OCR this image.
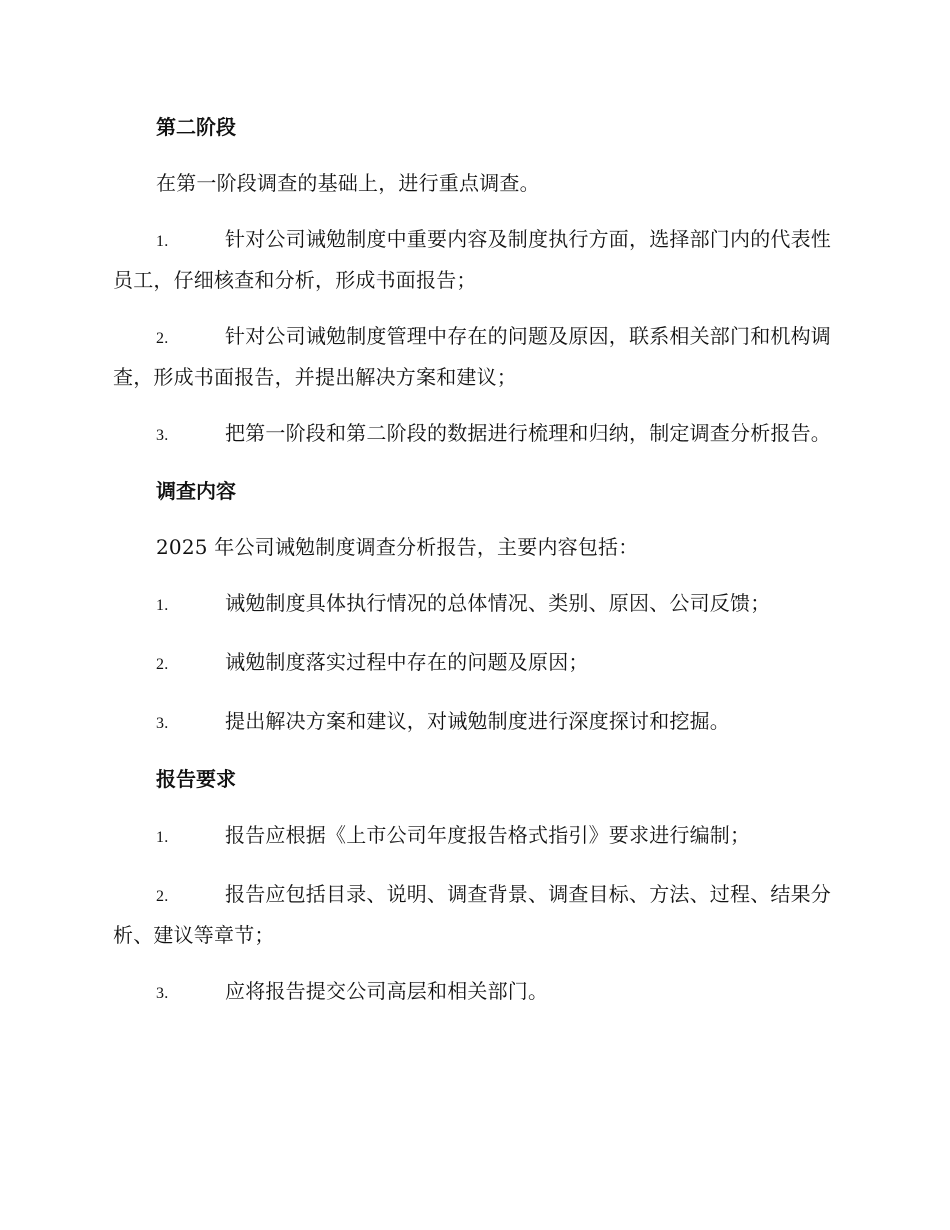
第二阶段
在第一阶段调查的基础上，进行重点调查。
1.	针对公司诫勉制度中重要内容及制度执行方面，选择部门内的代表性员工，仔细核查和分析，形成书面报告；
2.	针对公司诫勉制度管理中存在的问题及原因，联系相关部门和机构调查，形成书面报告，并提出解决方案和建议；
3.	把第一阶段和第二阶段的数据进行梳理和归纳，制定调查分析报告。
调查内容
2025 年公司诫勉制度调查分析报告，主要内容包括：
1.	诫勉制度具体执行情况的总体情况、类别、原因、公司反馈；
2.	诫勉制度落实过程中存在的问题及原因；
3.	提出解决方案和建议，对诫勉制度进行深度探讨和挖掘。
报告要求
1.	报告应根据《上市公司年度报告格式指引》要求进行编制；
2.	报告应包括目录、说明、调查背景、调查目标、方法、过程、结果分析、建议等章节；
3.	应将报告提交公司高层和相关部门。
